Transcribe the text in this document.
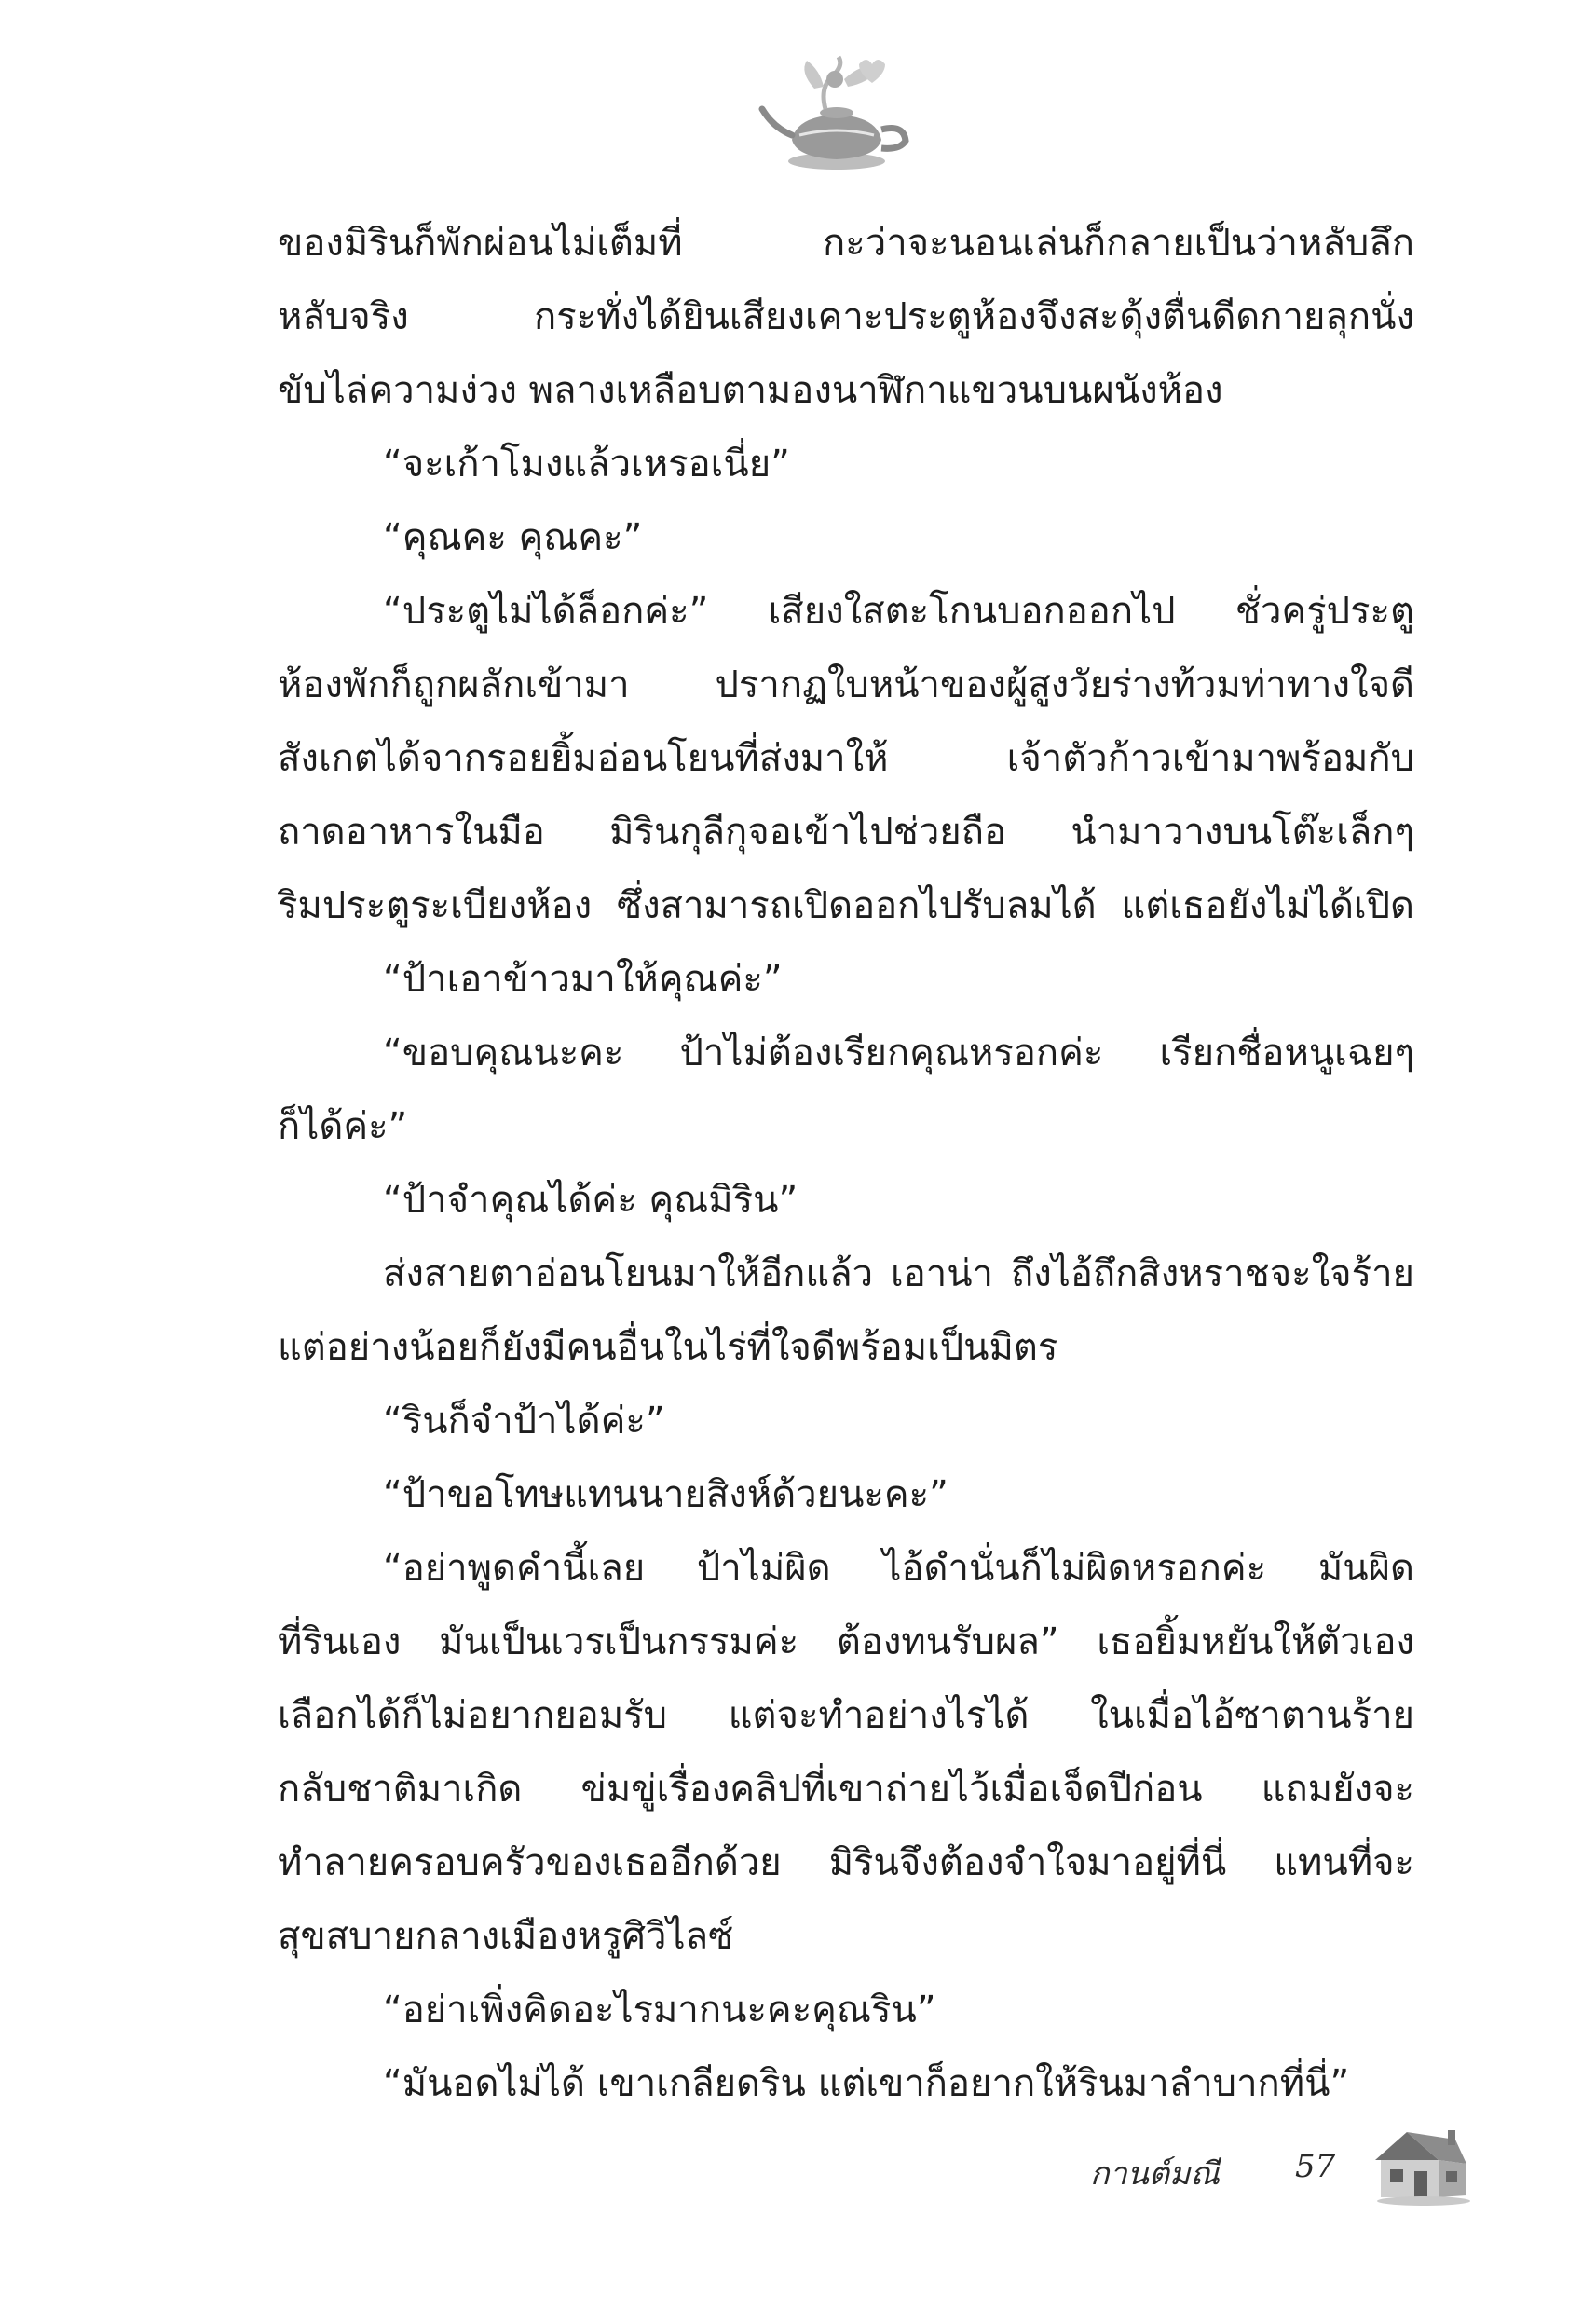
ของมิรินก็พักผ่อนไม่เต็มที่ กะว่าจะนอนเล่นก็กลายเป็นว่าหลับลึก
หลับจริง กระทั่งได้ยินเสียงเคาะประตูห้องจึงสะดุ้งตื่นดีดกายลุกนั่ง
ขับไล่ความง่วง พลางเหลือบตามองนาฬิกาแขวนบนผนังห้อง
“จะเก้าโมงแล้วเหรอเนี่ย”
“คุณคะ คุณคะ”
“ประตูไม่ได้ล็อกค่ะ” เสียงใสตะโกนบอกออกไป ชั่วครู่ประตู
ห้องพักก็ถูกผลักเข้ามา ปรากฏใบหน้าของผู้สูงวัยร่างท้วมท่าทางใจดี
สังเกตได้จากรอยยิ้มอ่อนโยนที่ส่งมาให้ เจ้าตัวก้าวเข้ามาพร้อมกับ
ถาดอาหารในมือ มิรินกุลีกุจอเข้าไปช่วยถือ นำมาวางบนโต๊ะเล็กๆ
ริมประตูระเบียงห้อง ซึ่งสามารถเปิดออกไปรับลมได้ แต่เธอยังไม่ได้เปิด
“ป้าเอาข้าวมาให้คุณค่ะ”
“ขอบคุณนะคะ ป้าไม่ต้องเรียกคุณหรอกค่ะ เรียกชื่อหนูเฉยๆ
ก็ได้ค่ะ”
“ป้าจำคุณได้ค่ะ คุณมิริน”
ส่งสายตาอ่อนโยนมาให้อีกแล้ว เอาน่า ถึงไอ้ถึกสิงหราชจะใจร้าย
แต่อย่างน้อยก็ยังมีคนอื่นในไร่ที่ใจดีพร้อมเป็นมิตร
“รินก็จำป้าได้ค่ะ”
“ป้าขอโทษแทนนายสิงห์ด้วยนะคะ”
“อย่าพูดคำนี้เลย ป้าไม่ผิด ไอ้ดำนั่นก็ไม่ผิดหรอกค่ะ มันผิด
ที่รินเอง มันเป็นเวรเป็นกรรมค่ะ ต้องทนรับผล” เธอยิ้มหยันให้ตัวเอง
เลือกได้ก็ไม่อยากยอมรับ แต่จะทำอย่างไรได้ ในเมื่อไอ้ซาตานร้าย
กลับชาติมาเกิด ข่มขู่เรื่องคลิปที่เขาถ่ายไว้เมื่อเจ็ดปีก่อน แถมยังจะ
ทำลายครอบครัวของเธออีกด้วย มิรินจึงต้องจำใจมาอยู่ที่นี่ แทนที่จะ
สุขสบายกลางเมืองหรูศิวิไลซ์
“อย่าเพิ่งคิดอะไรมากนะคะคุณริน”
“มันอดไม่ได้ เขาเกลียดริน แต่เขาก็อยากให้รินมาลำบากที่นี่”
กานต์มณี 57
